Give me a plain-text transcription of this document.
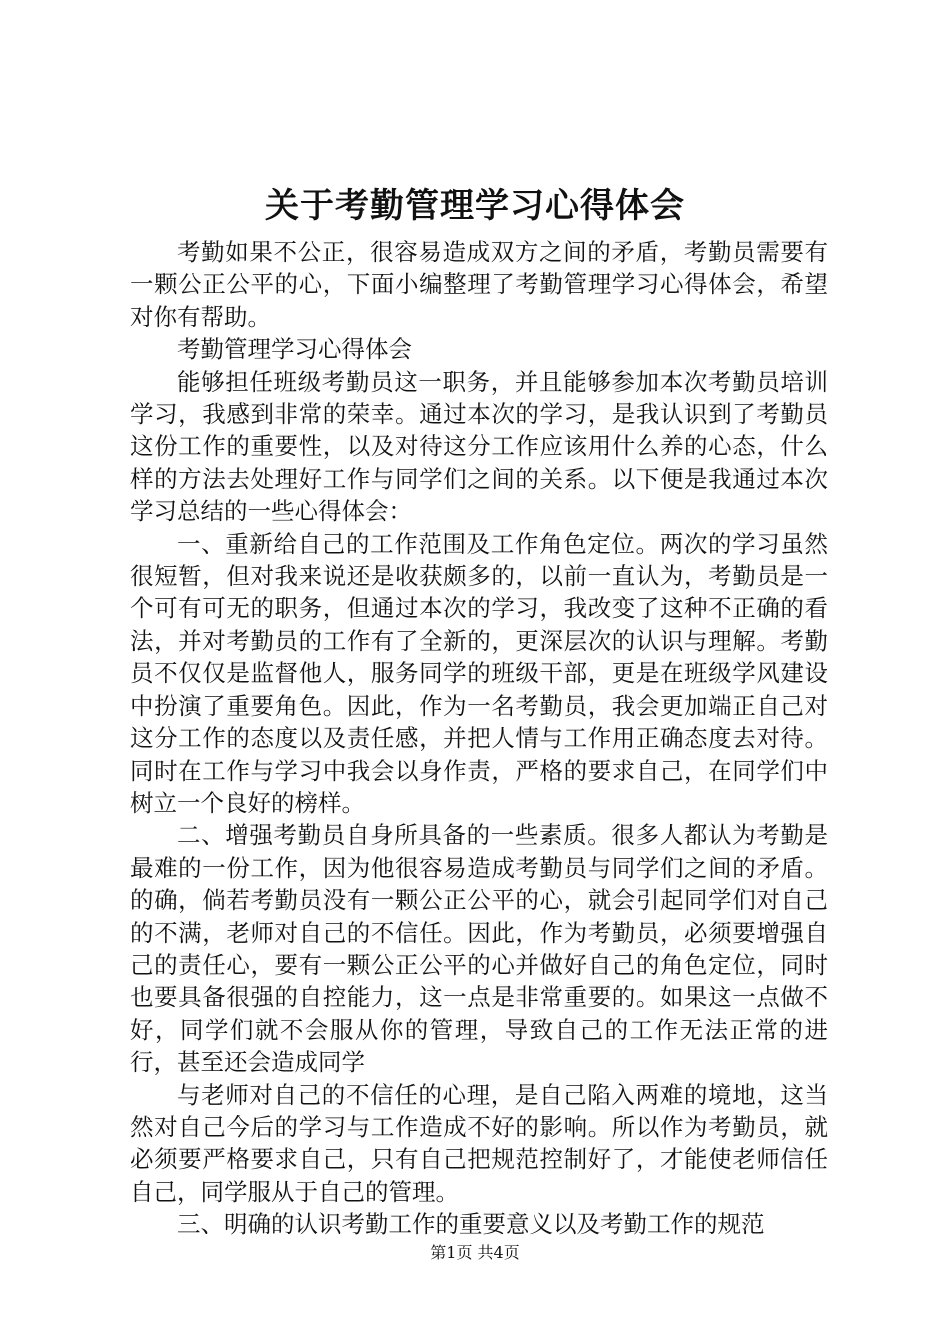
关于考勤管理学习心得体会

考勤如果不公正，很容易造成双方之间的矛盾，考勤员需要有一颗公正公平的心，下面小编整理了考勤管理学习心得体会，希望对你有帮助。

考勤管理学习心得体会

能够担任班级考勤员这一职务，并且能够参加本次考勤员培训学习，我感到非常的荣幸。通过本次的学习，是我认识到了考勤员这份工作的重要性，以及对待这分工作应该用什么养的心态，什么样的方法去处理好工作与同学们之间的关系。以下便是我通过本次学习总结的一些心得体会：

一、重新给自己的工作范围及工作角色定位。两次的学习虽然很短暂，但对我来说还是收获颇多的，以前一直认为，考勤员是一个可有可无的职务，但通过本次的学习，我改变了这种不正确的看法，并对考勤员的工作有了全新的，更深层次的认识与理解。考勤员不仅仅是监督他人，服务同学的班级干部，更是在班级学风建设中扮演了重要角色。因此，作为一名考勤员，我会更加端正自己对这分工作的态度以及责任感，并把人情与工作用正确态度去对待。同时在工作与学习中我会以身作责，严格的要求自己，在同学们中树立一个良好的榜样。

二、增强考勤员自身所具备的一些素质。很多人都认为考勤是最难的一份工作，因为他很容易造成考勤员与同学们之间的矛盾。的确，倘若考勤员没有一颗公正公平的心，就会引起同学们对自己的不满，老师对自己的不信任。因此，作为考勤员，必须要增强自己的责任心，要有一颗公正公平的心并做好自己的角色定位，同时也要具备很强的自控能力，这一点是非常重要的。如果这一点做不好，同学们就不会服从你的管理，导致自己的工作无法正常的进行，甚至还会造成同学

与老师对自己的不信任的心理，是自己陷入两难的境地，这当然对自己今后的学习与工作造成不好的影响。所以作为考勤员，就必须要严格要求自己，只有自己把规范控制好了，才能使老师信任自己，同学服从于自己的管理。

三、明确的认识考勤工作的重要意义以及考勤工作的规范

第1页 共4页
